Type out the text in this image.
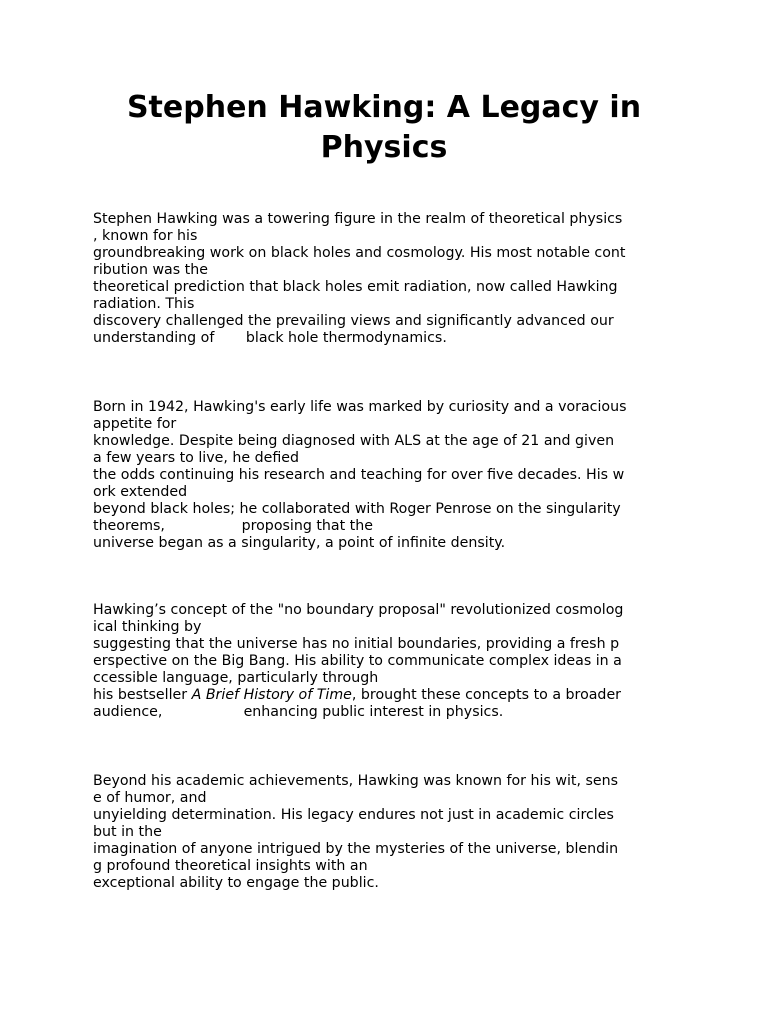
Stephen Hawking: A Legacy in Physics
Stephen Hawking was a towering figure in the realm of theoretical physics
, known for his
groundbreaking work on black holes and cosmology. His most notable cont
ribution was the
theoretical prediction that black holes emit radiation, now called Hawking
radiation. This
discovery challenged the prevailing views and significantly advanced our
understanding of       black hole thermodynamics.
Born in 1942, Hawking's early life was marked by curiosity and a voracious
appetite for
knowledge. Despite being diagnosed with ALS at the age of 21 and given
a few years to live, he defied
the odds continuing his research and teaching for over five decades. His w
ork extended
beyond black holes; he collaborated with Roger Penrose on the singularity
theorems,                 proposing that the
universe began as a singularity, a point of infinite density.
Hawking’s concept of the "no boundary proposal" revolutionized cosmolog
ical thinking by
suggesting that the universe has no initial boundaries, providing a fresh p
erspective on the Big Bang. His ability to communicate complex ideas in a
ccessible language, particularly through
his bestseller A Brief History of Time, brought these concepts to a broader
audience,                  enhancing public interest in physics.
Beyond his academic achievements, Hawking was known for his wit, sens
e of humor, and
unyielding determination. His legacy endures not just in academic circles
but in the
imagination of anyone intrigued by the mysteries of the universe, blendin
g profound theoretical insights with an
exceptional ability to engage the public.
